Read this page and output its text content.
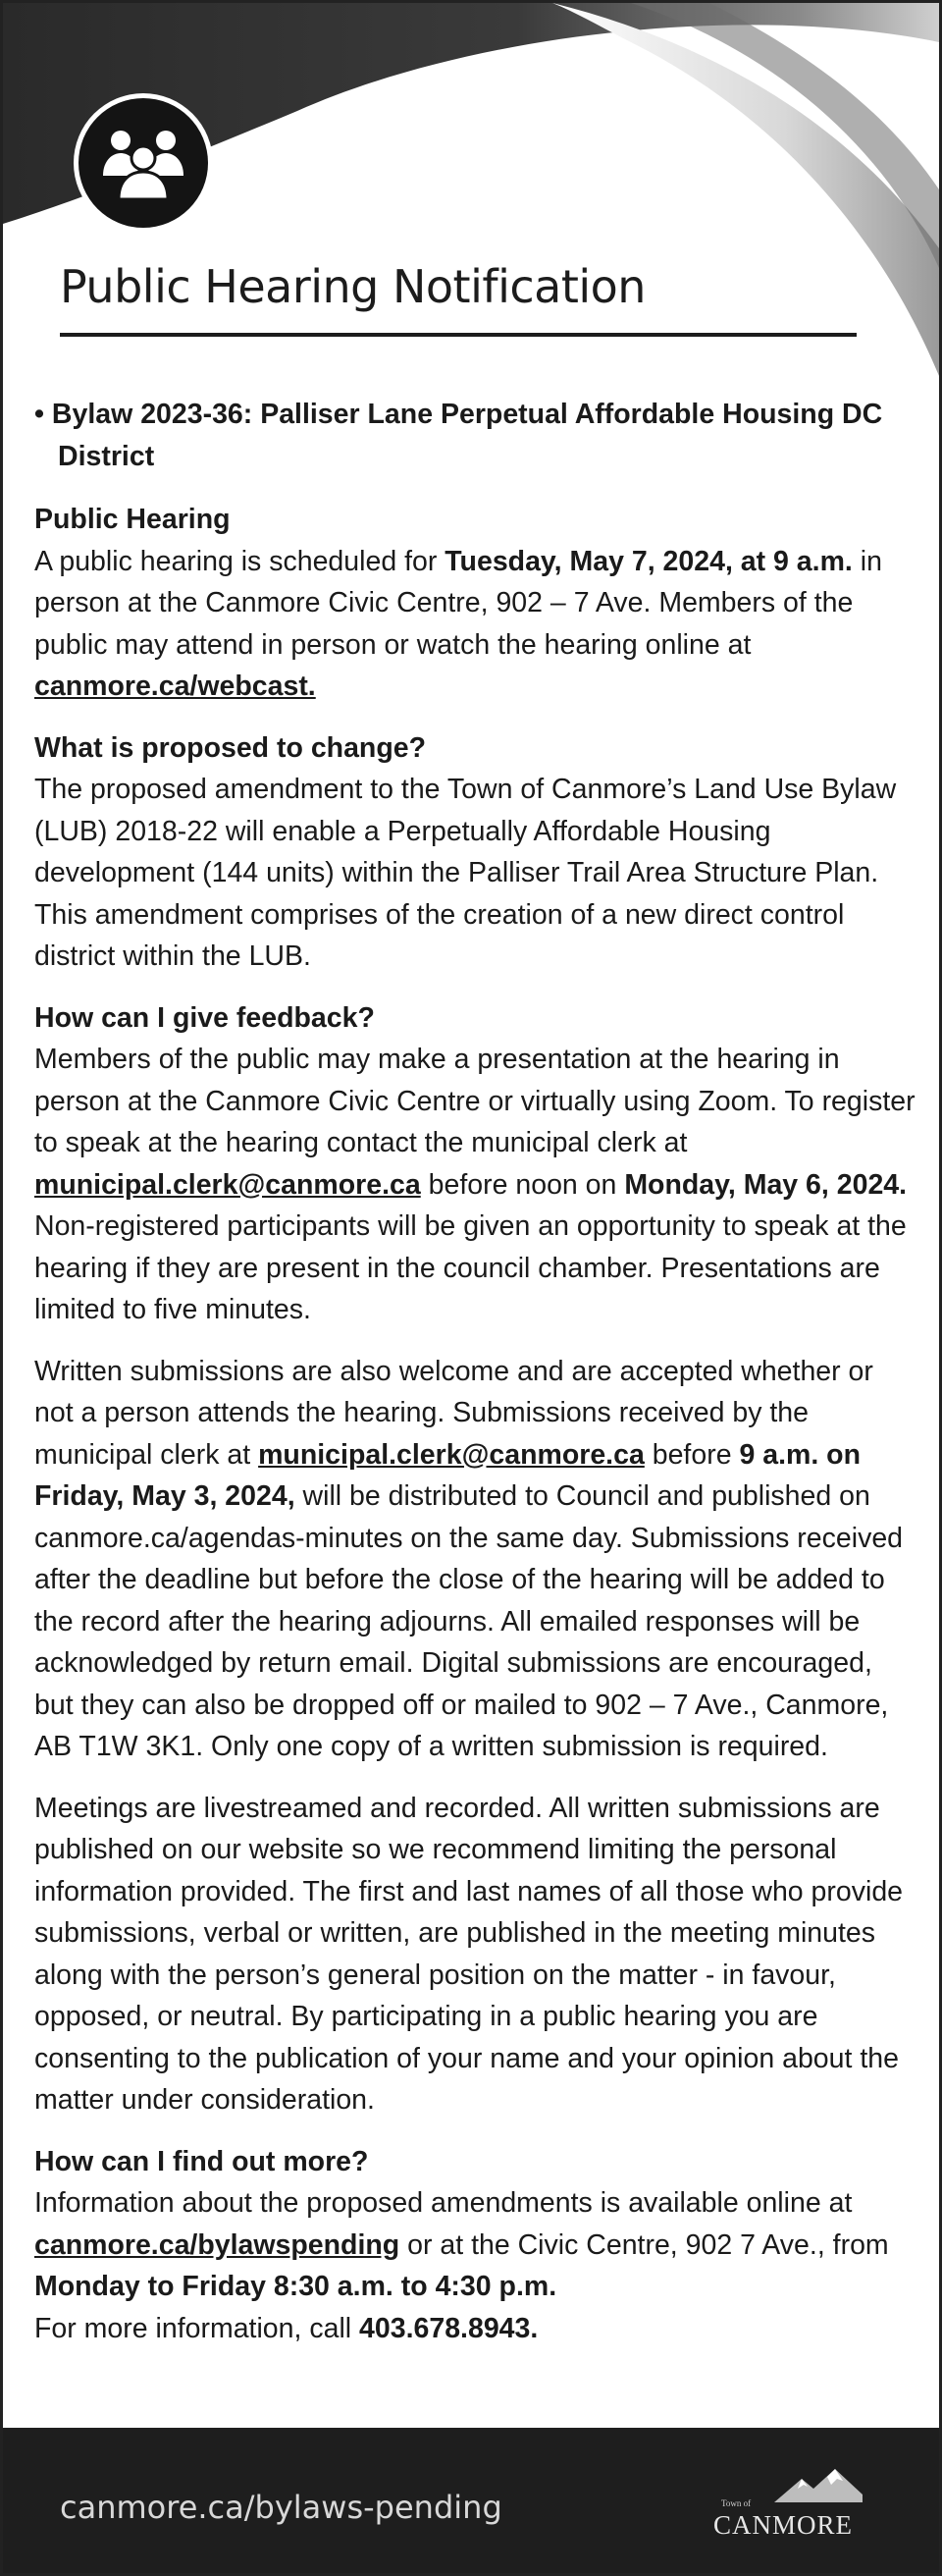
Public Hearing Notification

• Bylaw 2023-36: Palliser Lane Perpetual Affordable Housing DC District

Public Hearing

A public hearing is scheduled for Tuesday, May 7, 2024, at 9 a.m. in person at the Canmore Civic Centre, 902 – 7 Ave. Members of the public may attend in person or watch the hearing online at canmore.ca/webcast.

What is proposed to change?

The proposed amendment to the Town of Canmore’s Land Use Bylaw (LUB) 2018-22 will enable a Perpetually Affordable Housing development (144 units) within the Palliser Trail Area Structure Plan. This amendment comprises of the creation of a new direct control district within the LUB.

How can I give feedback?

Members of the public may make a presentation at the hearing in person at the Canmore Civic Centre or virtually using Zoom. To register to speak at the hearing contact the municipal clerk at municipal.clerk@canmore.ca before noon on Monday, May 6, 2024. Non-registered participants will be given an opportunity to speak at the hearing if they are present in the council chamber. Presentations are limited to five minutes.

Written submissions are also welcome and are accepted whether or not a person attends the hearing. Submissions received by the municipal clerk at municipal.clerk@canmore.ca before 9 a.m. on Friday, May 3, 2024, will be distributed to Council and published on canmore.ca/agendas-minutes on the same day. Submissions received after the deadline but before the close of the hearing will be added to the record after the hearing adjourns. All emailed responses will be acknowledged by return email. Digital submissions are encouraged, but they can also be dropped off or mailed to 902 – 7 Ave., Canmore, AB T1W 3K1. Only one copy of a written submission is required.

Meetings are livestreamed and recorded. All written submissions are published on our website so we recommend limiting the personal information provided. The first and last names of all those who provide submissions, verbal or written, are published in the meeting minutes along with the person’s general position on the matter - in favour, opposed, or neutral. By participating in a public hearing you are consenting to the publication of your name and your opinion about the matter under consideration.

How can I find out more?

Information about the proposed amendments is available online at canmore.ca/bylawspending or at the Civic Centre, 902 7 Ave., from Monday to Friday 8:30 a.m. to 4:30 p.m.
For more information, call 403.678.8943.

canmore.ca/bylaws-pending	Town of
CANMORE
